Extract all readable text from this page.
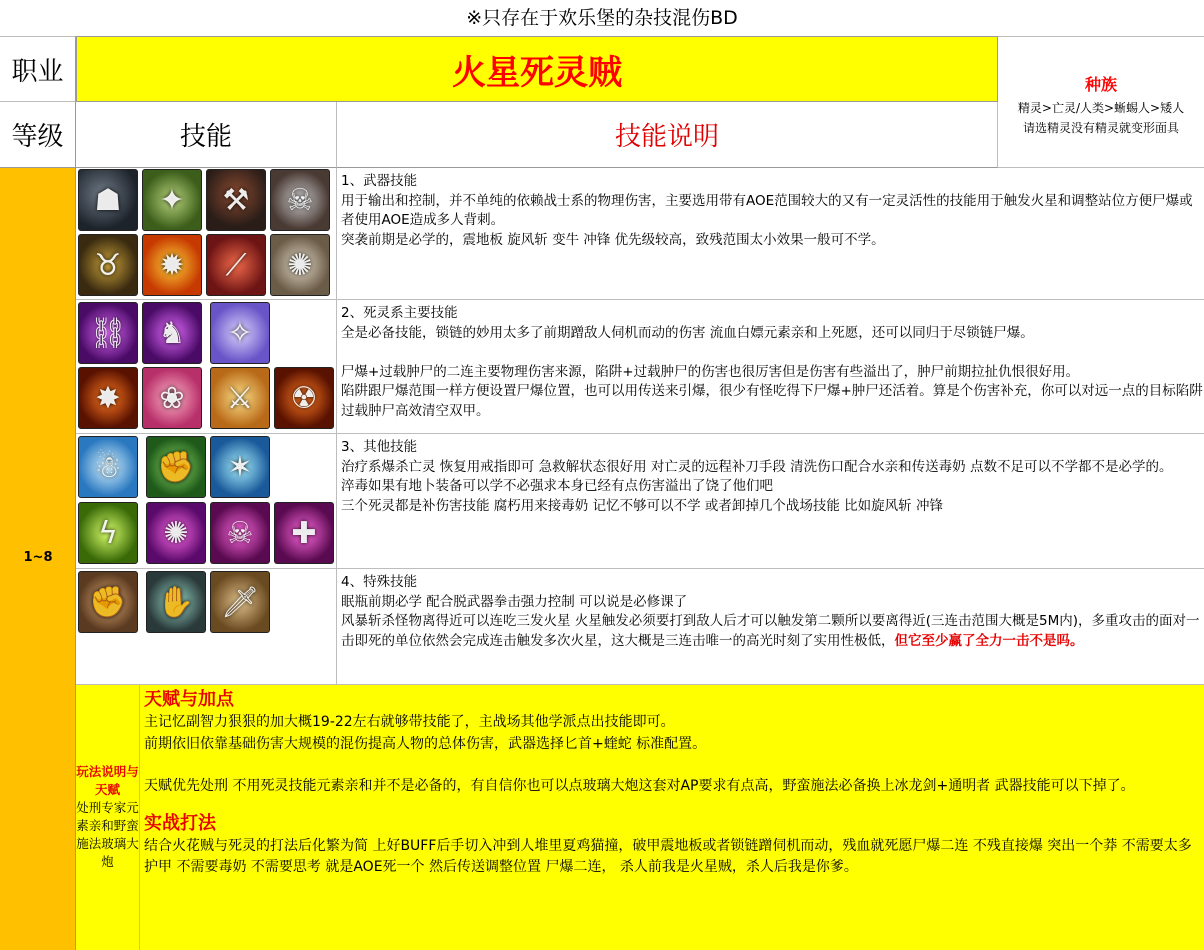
※只存在于欢乐堡的杂技混伤BD
职业	火星死灵贼	种族
精灵>亡灵/人类>蜥蜴人>矮人
请选精灵没有精灵就变形面具
等级	技能	技能说明
1~8
☗	✦	⚒	☠
♉	✹	⟋	✺

1、武器技能

用于输出和控制，并不单纯的依赖战士系的物理伤害，主要选用带有AOE范围较大的又有一定灵活性的技能用于触发火星和调整站位方便尸爆或者使用AOE造成多人背刺。

突袭前期是必学的，震地板 旋风斩 变牛 冲锋 优先级较高，致残范围太小效果一般可不学。

⛓	♞	✧
✸	❀	⚔	☢

2、死灵系主要技能

全是必备技能，锁链的妙用太多了前期蹭敌人伺机而动的伤害 流血白嫖元素亲和上死愿，还可以同归于尽锁链尸爆。

尸爆+过载肿尸的二连主要物理伤害来源，陷阱+过载肿尸的伤害也很厉害但是伤害有些溢出了，肿尸前期拉扯仇恨很好用。

陷阱跟尸爆范围一样方便设置尸爆位置，也可以用传送来引爆，很少有怪吃得下尸爆+肿尸还活着。算是个伤害补充，你可以对远一点的目标陷阱过载肿尸高效清空双甲。

☃	✊	✶
ϟ	✺	☠	✚

3、其他技能

治疗系爆杀亡灵 恢复用戒指即可 急救解状态很好用 对亡灵的远程补刀手段 清洗伤口配合水亲和传送毒奶 点数不足可以不学都不是必学的。

淬毒如果有地卜装备可以学不必强求本身已经有点伤害溢出了饶了他们吧

三个死灵都是补伤害技能 腐朽用来接毒奶 记忆不够可以不学 或者卸掉几个战场技能 比如旋风斩 冲锋

✊	✋ 🗡

4、特殊技能

眠瓶前期必学 配合脱武器拳击强力控制 可以说是必修课了

风暴斩杀怪物离得近可以连吃三发火星 火星触发必须要打到敌人后才可以触发第二颗所以要离得近(三连击范围大概是5M内)，多重攻击的面对一击即死的单位依然会完成连击触发多次火星，这大概是三连击唯一的高光时刻了实用性极低，但它至少赢了全力一击不是吗。

玩法说明与天赋
处刑专家元素亲和野蛮施法玻璃大炮

天赋与加点

主记忆副智力狠狠的加大概19-22左右就够带技能了，主战场其他学派点出技能即可。

前期依旧依靠基础伤害大规模的混伤提高人物的总体伤害，武器选择匕首+蝰蛇 标准配置。

天赋优先处刑 不用死灵技能元素亲和并不是必备的，有自信你也可以点玻璃大炮这套对AP要求有点高，野蛮施法必备换上冰龙剑+通明者 武器技能可以下掉了。

实战打法

结合火花贼与死灵的打法后化繁为简 上好BUFF后手切入冲到人堆里夏鸡猫撞，破甲震地板或者锁链蹭伺机而动，残血就死愿尸爆二连 不残直接爆 突出一个莽 不需要太多护甲 不需要毒奶 不需要思考 就是AOE死一个 然后传送调整位置 尸爆二连， 杀人前我是火星贼，杀人后我是你爹。
